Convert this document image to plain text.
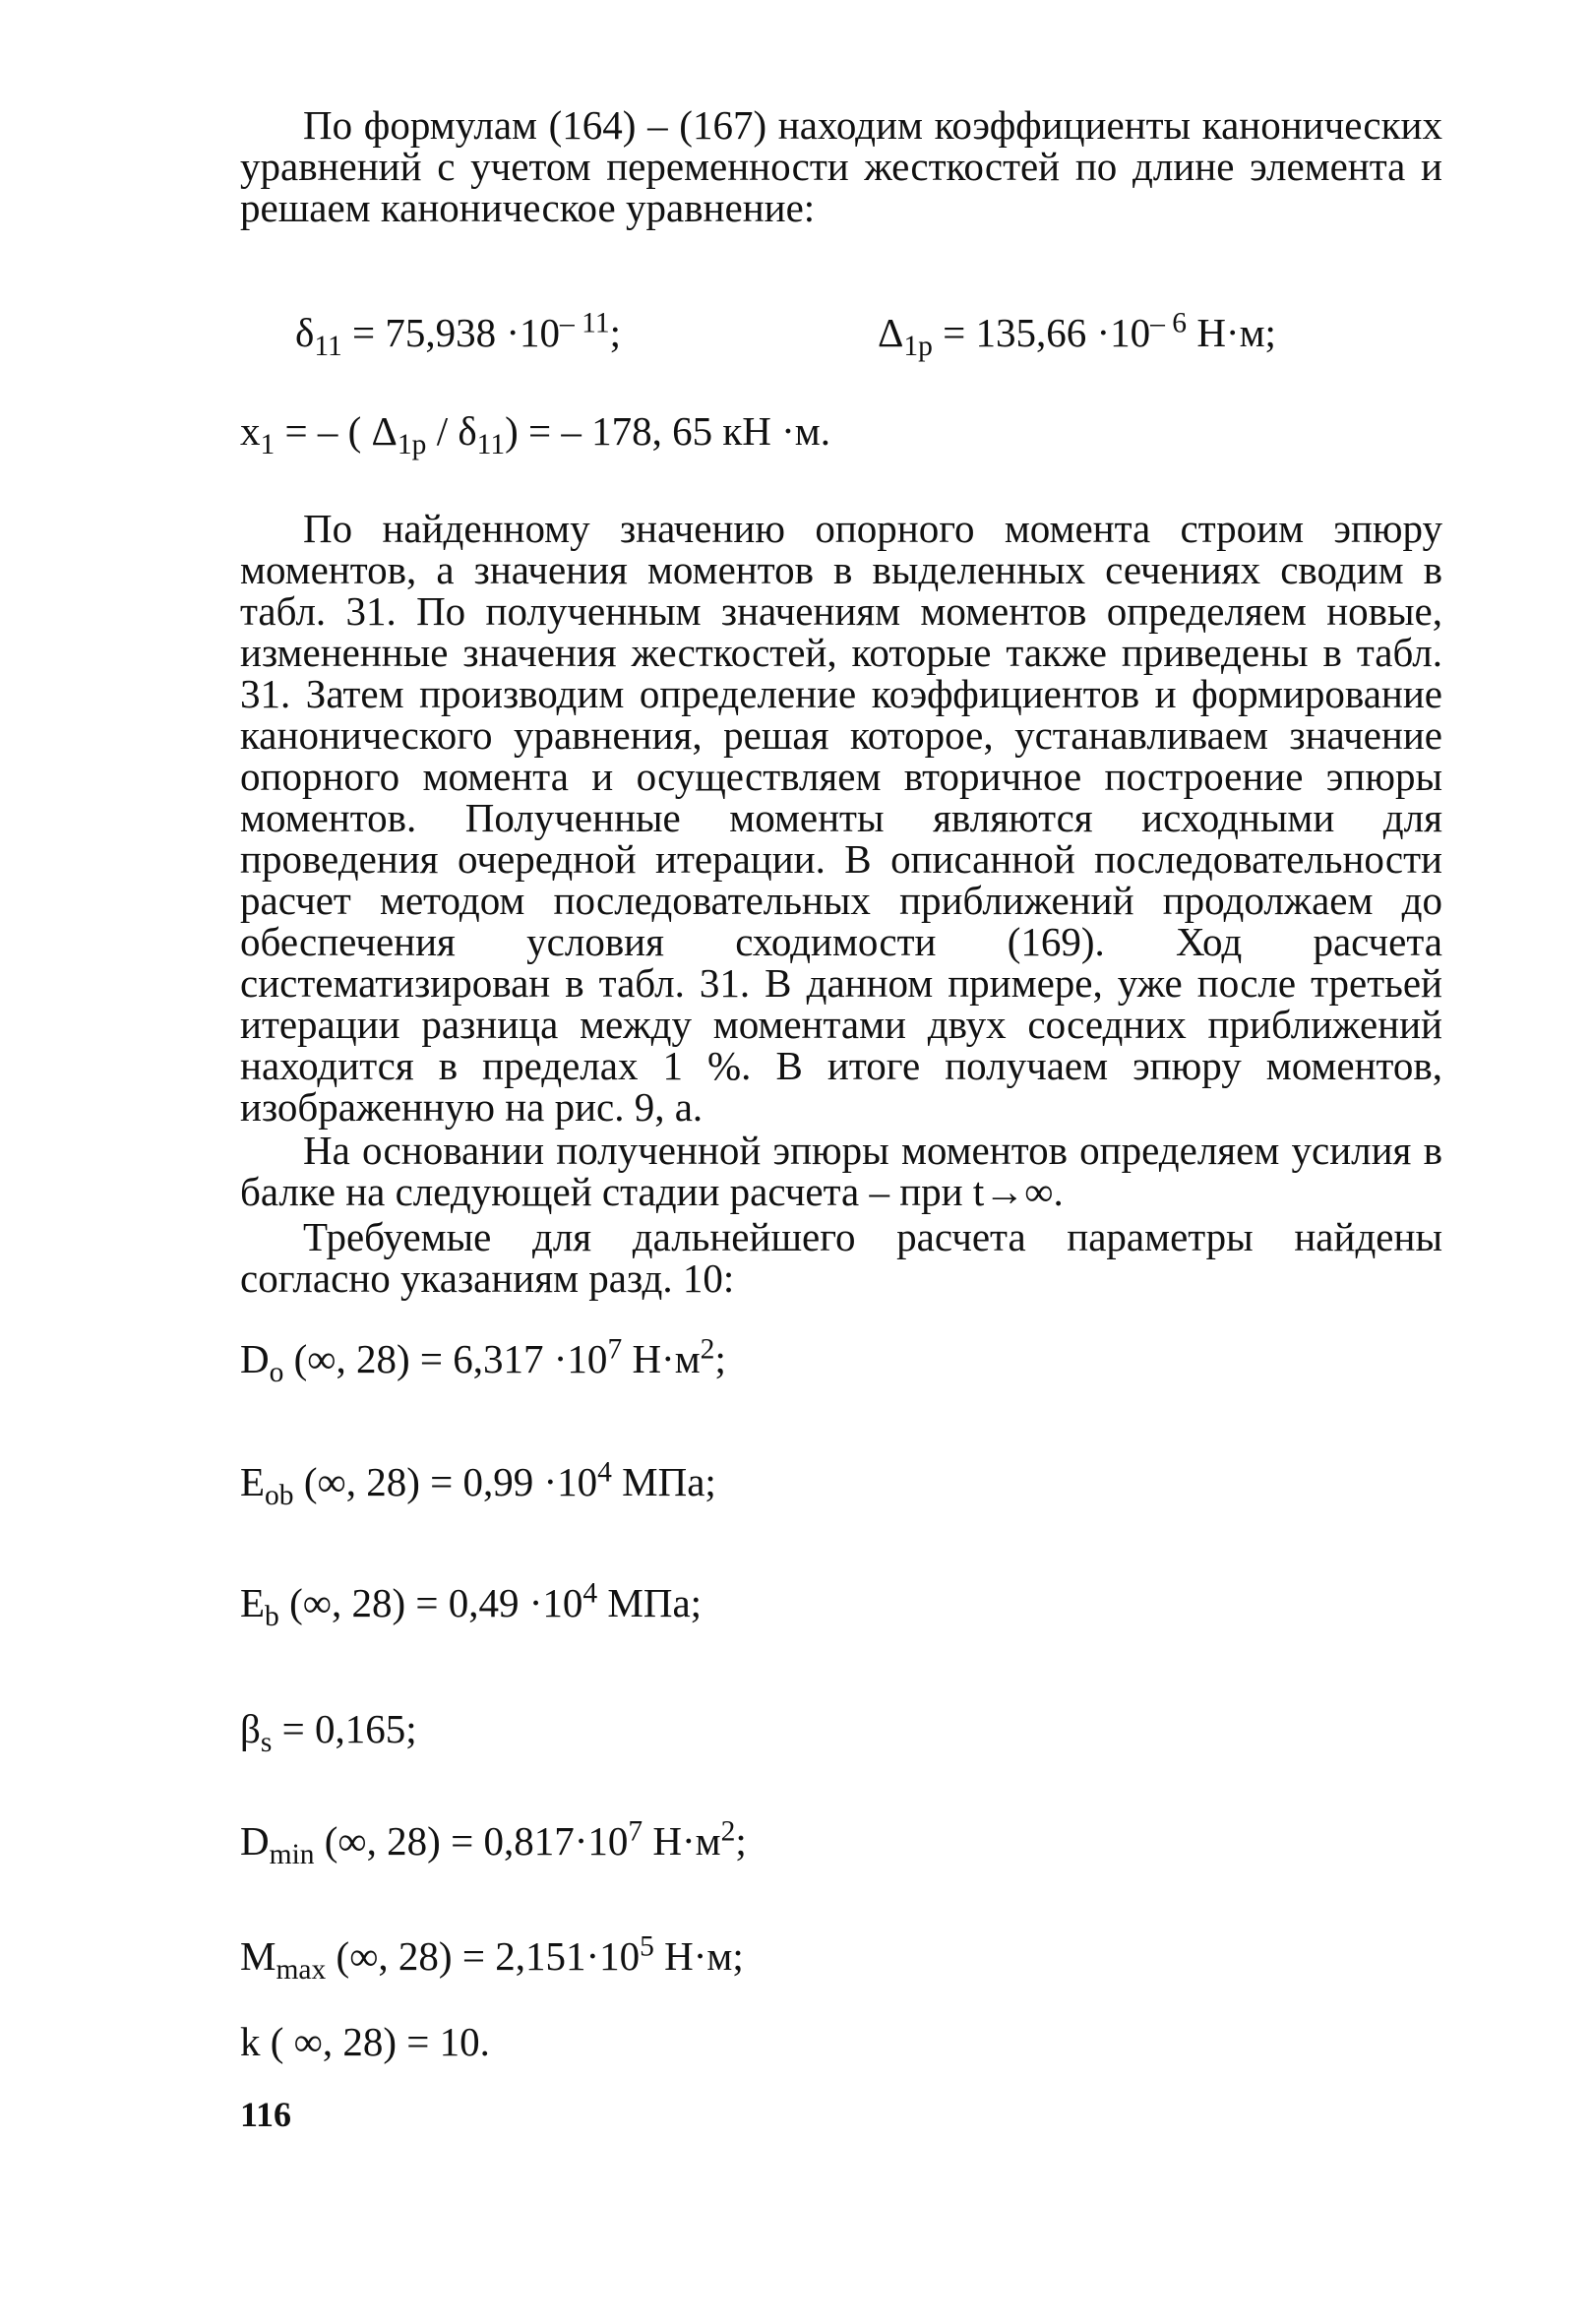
По формулам (164) – (167) находим коэффициенты канонических уравнений с учетом переменности жесткостей по длине элемента и решаем каноническое уравнение:

$\delta_{11} = 75,938 \cdot 10^{- 11}$;	$\Delta_{1p} = 135,66 \cdot 10^{- 6}$ Н·м;
$x_1$ = – ( $\Delta_{1p} / \delta_{11}$) = – 178, 65 кН ·м.

По найденному значению опорного момента строим эпюру моментов, а значения моментов в выделенных сечениях сводим в табл. 31. По полученным значениям моментов определяем новые, измененные значения жесткостей, которые также приведены в табл. 31. Затем производим определение коэффициентов и формирование канонического уравнения, решая которое, устанавливаем значение опорного момента и осуществляем вторичное построение эпюры моментов. Полученные моменты являются исходными для проведения очередной итерации. В описанной последовательности расчет методом последовательных приближений продолжаем до обеспечения условия сходимости (169). Ход расчета систематизирован в табл. 31. В данном примере, уже после третьей итерации разница между моментами двух соседних приближений находится в пределах 1 %. В итоге получаем эпюру моментов, изображенную на рис. 9, а.

На основании полученной эпюры моментов определяем усилия в балке на следующей стадии расчета – при t→∞.

Требуемые для дальнейшего расчета параметры найдены согласно указаниям разд. 10:

$D_o$ (∞, $28) = 6,317 \cdot 10^7$ $Н\cdot м^2$;
$E_{ob}$ (∞, $28) = 0,99 \cdot 10^4$ МПа;
$E_b$ (∞, $28) = 0,49 \cdot 10^4$ МПа;
$\beta_s = 0,165$;
$D_{min}$ (∞, $28) = 0,817\cdot 10^7$ $Н\cdot м^2$;
$M_{max}$ (∞, $28) = 2,151\cdot 10^5$ Н·м;
k ( ∞, 28) = 10.
116
